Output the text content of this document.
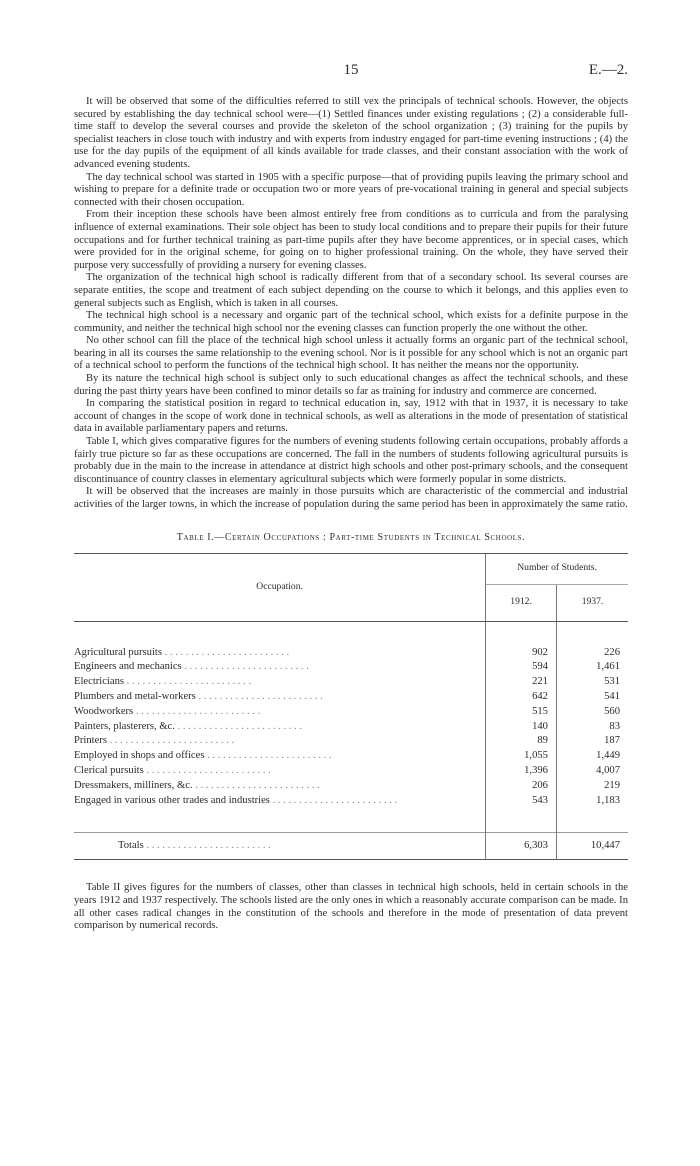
15	E.—2.

It will be observed that some of the difficulties referred to still vex the principals of technical schools. However, the objects secured by establishing the day technical school were—(1) Settled finances under existing regulations ; (2) a considerable full-time staff to develop the several courses and provide the skeleton of the school organization ; (3) training for the pupils by specialist teachers in close touch with industry and with experts from industry engaged for part-time evening instructions ; (4) the use for the day pupils of the equipment of all kinds available for trade classes, and their constant association with the work of advanced evening students.

The day technical school was started in 1905 with a specific purpose—that of providing pupils leaving the primary school and wishing to prepare for a definite trade or occupation two or more years of pre-vocational training in general and special subjects connected with their chosen occupation.

From their inception these schools have been almost entirely free from conditions as to curricula and from the paralysing influence of external examinations. Their sole object has been to study local conditions and to prepare their pupils for their future occupations and for further technical training as part-time pupils after they have become apprentices, or in special cases, which were provided for in the original scheme, for going on to higher professional training. On the whole, they have served their purpose very successfully of providing a nursery for evening classes.

The organization of the technical high school is radically different from that of a secondary school. Its several courses are separate entities, the scope and treatment of each subject depending on the course to which it belongs, and this applies even to general subjects such as English, which is taken in all courses.

The technical high school is a necessary and organic part of the technical school, which exists for a definite purpose in the community, and neither the technical high school nor the evening classes can function properly the one without the other.

No other school can fill the place of the technical high school unless it actually forms an organic part of the technical school, bearing in all its courses the same relationship to the evening school. Nor is it possible for any school which is not an organic part of a technical school to perform the functions of the technical high school. It has neither the means nor the opportunity.

By its nature the technical high school is subject only to such educational changes as affect the technical schools, and these during the past thirty years have been confined to minor details so far as training for industry and commerce are concerned.

In comparing the statistical position in regard to technical education in, say, 1912 with that in 1937, it is necessary to take account of changes in the scope of work done in technical schools, as well as alterations in the mode of presentation of statistical data in available parliamentary papers and returns.

Table I, which gives comparative figures for the numbers of evening students following certain occupations, probably affords a fairly true picture so far as these occupations are concerned. The fall in the numbers of students following agricultural pursuits is probably due in the main to the increase in attendance at district high schools and other post-primary schools, and the consequent discontinuance of country classes in elementary agricultural subjects which were formerly popular in some districts.

It will be observed that the increases are mainly in those pursuits which are characteristic of the commercial and industrial activities of the larger towns, in which the increase of population during the same period has been in approximately the same ratio.

Table I.—Certain Occupations : Part-time Students in Technical Schools.
Occupation.	Number of Students.	
	1912.	1937.

Agricultural pursuits . . . . . . . . . . . . . . . . . . . . . . . .	902	226
Engineers and mechanics . . . . . . . . . . . . . . . . . . . . . . . .	594	1,461
Electricians . . . . . . . . . . . . . . . . . . . . . . . .	221	531
Plumbers and metal-workers . . . . . . . . . . . . . . . . . . . . . . . .	642	541
Woodworkers . . . . . . . . . . . . . . . . . . . . . . . .	515	560
Painters, plasterers, &c. . . . . . . . . . . . . . . . . . . . . . . . .	140	83
Printers . . . . . . . . . . . . . . . . . . . . . . . .	89	187
Employed in shops and offices . . . . . . . . . . . . . . . . . . . . . . . .	1,055	1,449
Clerical pursuits . . . . . . . . . . . . . . . . . . . . . . . .	1,396	4,007
Dressmakers, milliners, &c. . . . . . . . . . . . . . . . . . . . . . . . .	206	219
Engaged in various other trades and industries . . . . . . . . . . . . . . . . . . . . . . . .	543	1,183

Totals . . . . . . . . . . . . . . . . . . . . . . . .	6,303	10,447

Table II gives figures for the numbers of classes, other than classes in technical high schools, held in certain schools in the years 1912 and 1937 respectively. The schools listed are the only ones in which a reasonably accurate comparison can be made. In all other cases radical changes in the constitution of the schools and therefore in the mode of presentation of data prevent comparison by numerical records.
